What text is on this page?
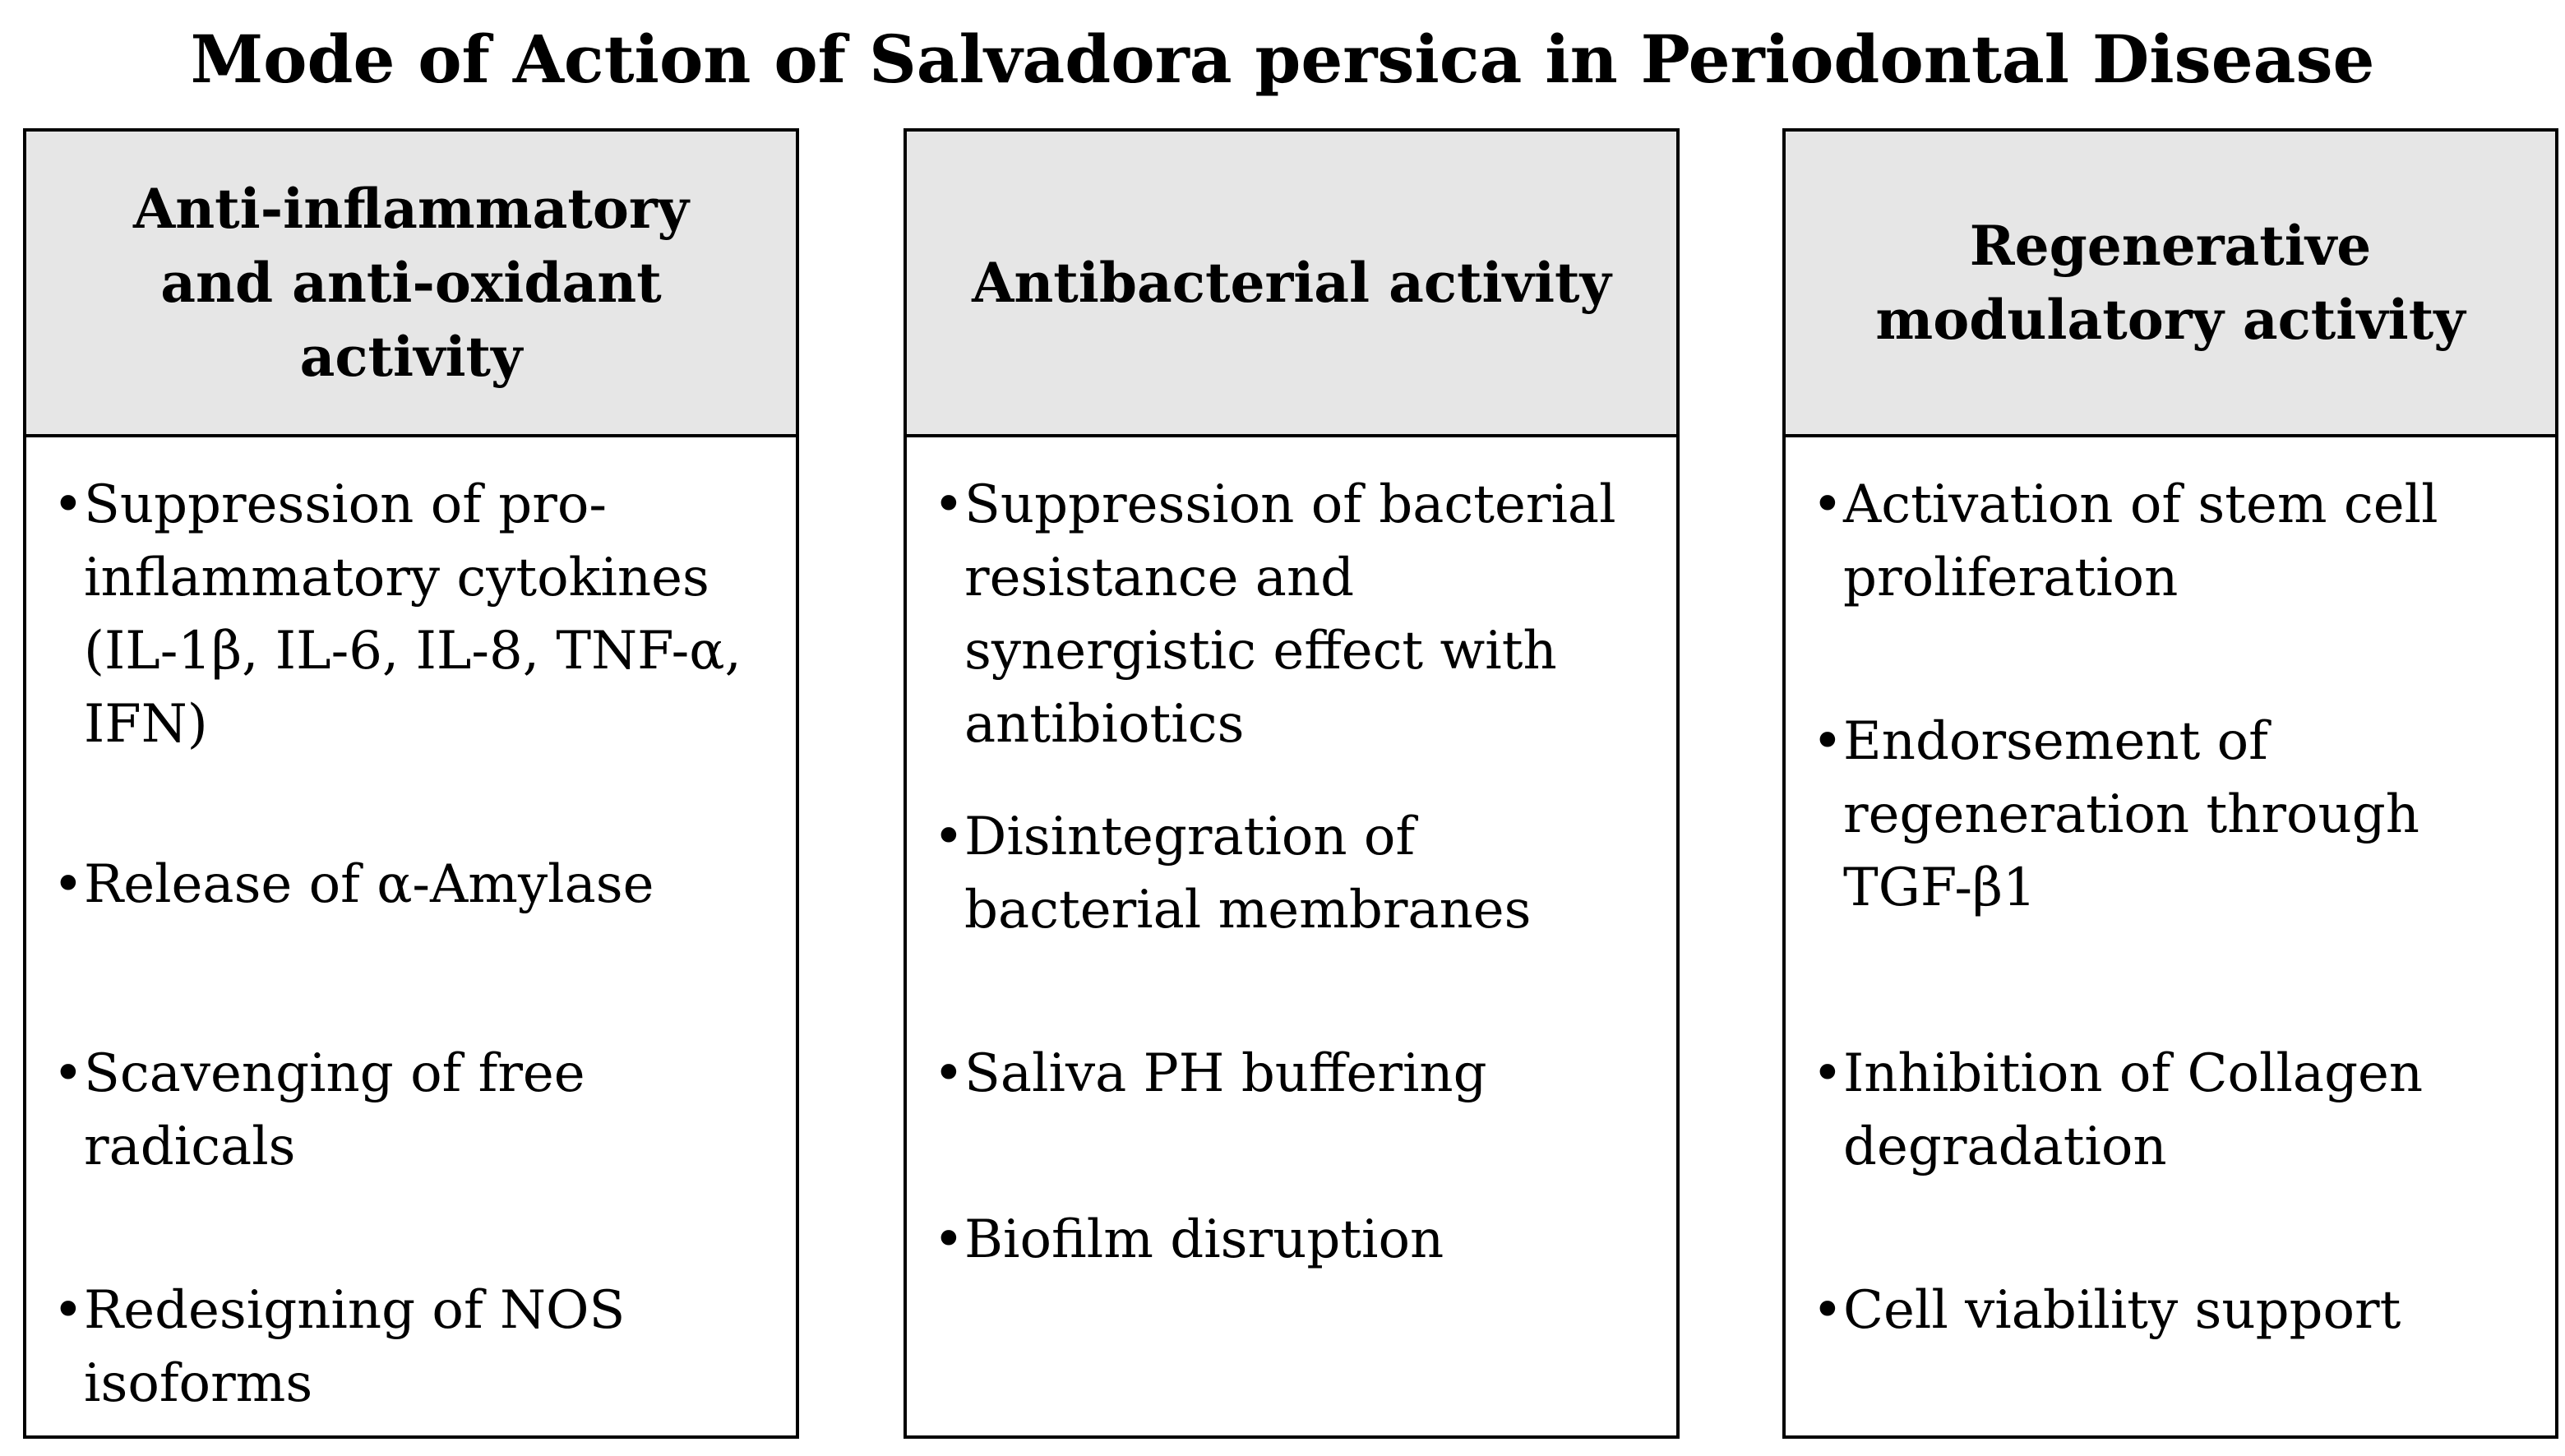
Mode of Action of Salvadora persica in Periodontal Disease
Anti-inflammatory and anti-oxidant activity
• Suppression of pro-inflammatory cytokines (IL-1β, IL-6, IL-8, TNF-α, IFN)
• Release of α-Amylase
• Scavenging of free radicals
• Redesigning of NOS isoforms
Antibacterial activity
• Suppression of bacterial resistance and synergistic effect with antibiotics
• Disintegration of bacterial membranes
• Saliva PH buffering
• Biofilm disruption
Regenerative modulatory activity
• Activation of stem cell proliferation
• Endorsement of regeneration through TGF-β1
• Inhibition of Collagen degradation
• Cell viability support
